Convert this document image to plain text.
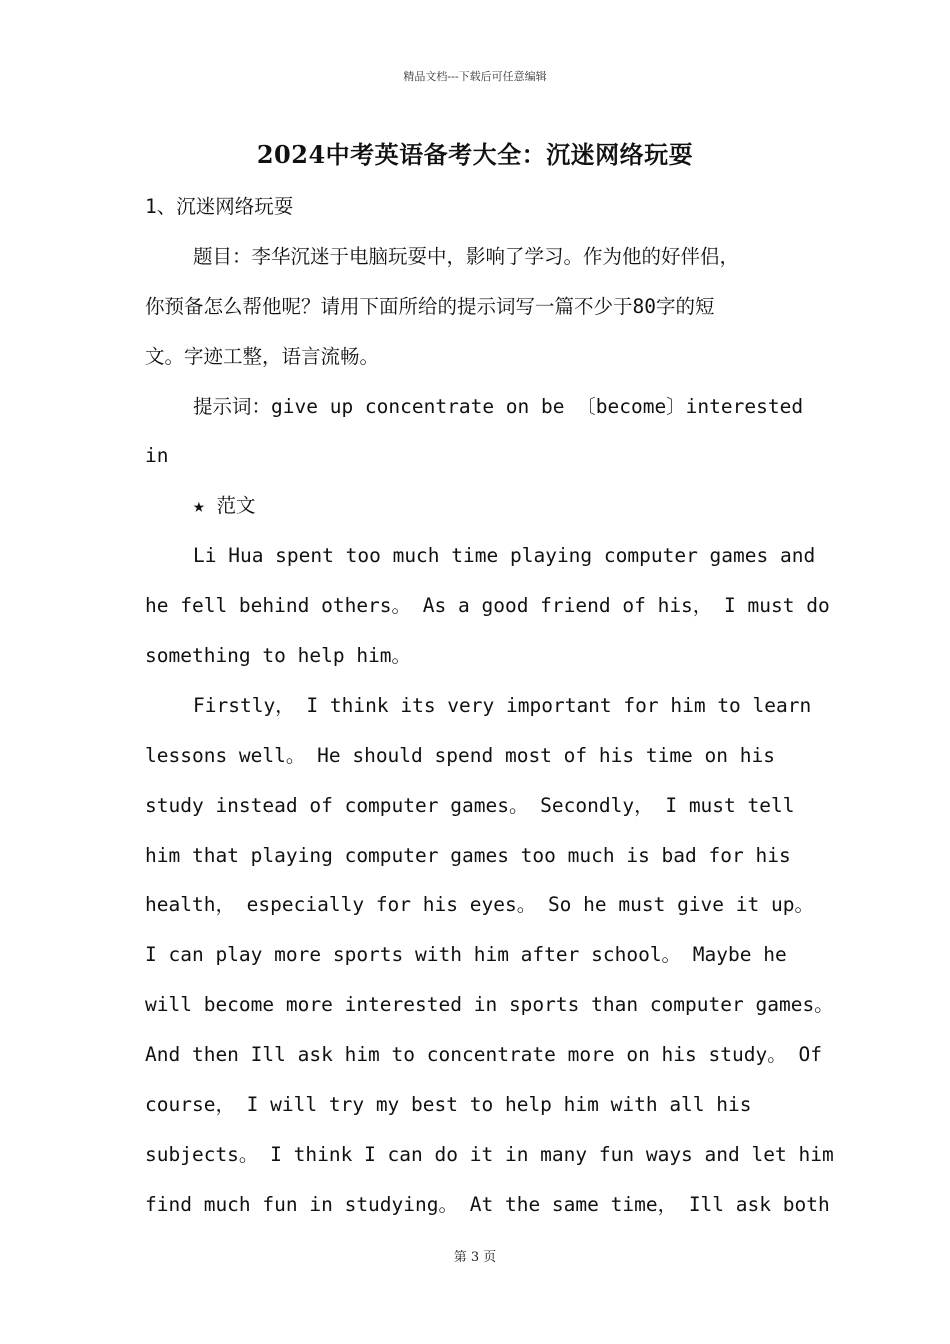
精品文档---下载后可任意编辑
2024中考英语备考大全：沉迷网络玩耍
1、沉迷网络玩耍
题目：李华沉迷于电脑玩耍中，影响了学习。作为他的好伴侣，
你预备怎么帮他呢？请用下面所给的提示词写一篇不少于80字的短
文。字迹工整，语言流畅。
提示词：give up concentrate on be 〔become〕interested
in
★ 范文
Li Hua spent too much time playing computer games and
he fell behind others。 As a good friend of his， I must do
something to help him。
Firstly， I think its very important for him to learn
lessons well。 He should spend most of his time on his
study instead of computer games。 Secondly， I must tell
him that playing computer games too much is bad for his
health， especially for his eyes。 So he must give it up。
I can play more sports with him after school。 Maybe he
will become more interested in sports than computer games。
And then Ill ask him to concentrate more on his study。 Of
course， I will try my best to help him with all his
subjects。 I think I can do it in many fun ways and let him
find much fun in studying。 At the same time， Ill ask both
第 3 页
